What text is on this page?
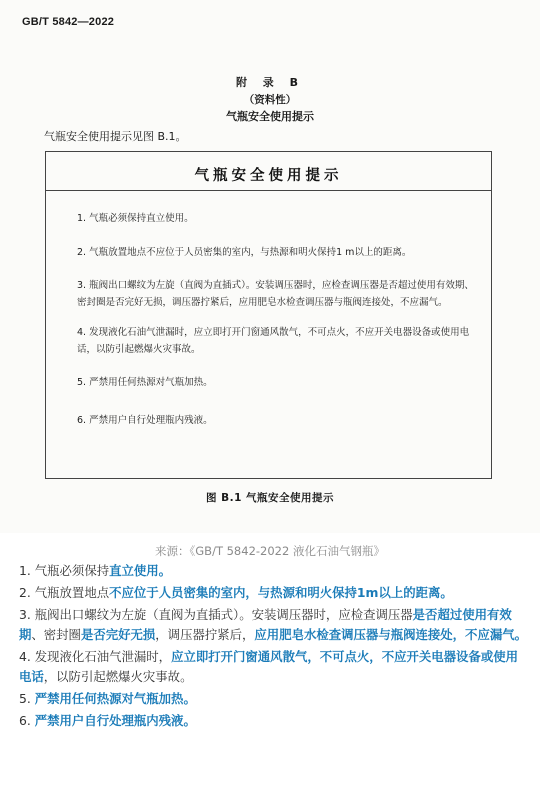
GB/T 5842—2022
附 录 B
（资料性）
气瓶安全使用提示
气瓶安全使用提示见图 B.1。
气瓶安全使用提示
1. 气瓶必须保持直立使用。
2. 气瓶放置地点不应位于人员密集的室内，与热源和明火保持1 m以上的距离。
3. 瓶阀出口螺纹为左旋（直阀为直插式）。安装调压器时，应检查调压器是否超过使用有效期、密封圈是否完好无损，调压器拧紧后，应用肥皂水检查调压器与瓶阀连接处，不应漏气。
4. 发现液化石油气泄漏时，应立即打开门窗通风散气，不可点火，不应开关电器设备或使用电话，以防引起燃爆火灾事故。
5. 严禁用任何热源对气瓶加热。
6. 严禁用户自行处理瓶内残液。
图 B.1 气瓶安全使用提示
来源：《GB/T 5842-2022 液化石油气钢瓶》
1. 气瓶必须保持直立使用。
2. 气瓶放置地点不应位于人员密集的室内，与热源和明火保持1m以上的距离。
3. 瓶阀出口螺纹为左旋（直阀为直插式）。安装调压器时，应检查调压器是否超过使用有效期、密封圈是否完好无损，调压器拧紧后，应用肥皂水检查调压器与瓶阀连接处，不应漏气。
4. 发现液化石油气泄漏时，应立即打开门窗通风散气，不可点火，不应开关电器设备或使用电话，以防引起燃爆火灾事故。
5. 严禁用任何热源对气瓶加热。
6. 严禁用户自行处理瓶内残液。
